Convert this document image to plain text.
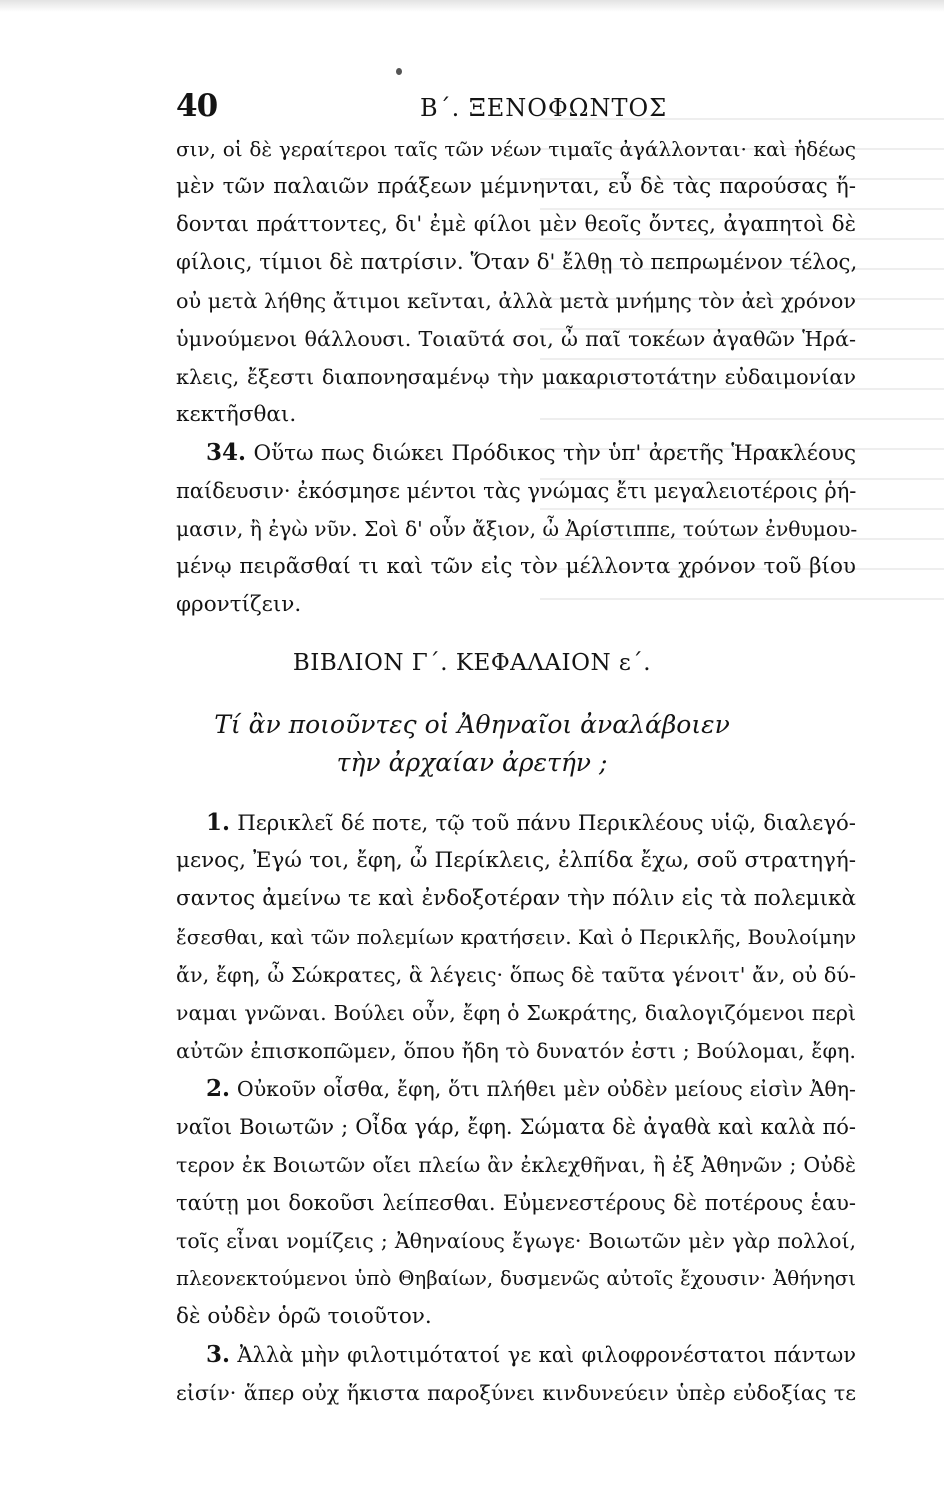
40	Β΄. ΞΕΝΟΦΩΝΤΟΣ
σιν, οἱ δὲ γεραίτεροι ταῖς τῶν νέων τιμαῖς ἀγάλλονται· καὶ ἡδέως
μὲν τῶν παλαιῶν πράξεων μέμνηνται, εὖ δὲ τὰς παρούσας ἥ-
δονται πράττοντες, δι' ἐμὲ φίλοι μὲν θεοῖς ὄντες, ἀγαπητοὶ δὲ
φίλοις, τίμιοι δὲ πατρίσιν. Ὅταν δ' ἔλθῃ τὸ πεπρωμένον τέλος,
οὐ μετὰ λήθης ἄτιμοι κεῖνται, ἀλλὰ μετὰ μνήμης τὸν ἀεὶ χρόνον
ὑμνούμενοι θάλλουσι. Τοιαῦτά σοι, ὦ παῖ τοκέων ἀγαθῶν Ἡρά-
κλεις, ἔξεστι διαπονησαμένῳ τὴν μακαριστοτάτην εὐδαιμονίαν
κεκτῆσθαι.
34. Οὕτω πως διώκει Πρόδικος τὴν ὑπ' ἀρετῆς Ἡρακλέους
παίδευσιν· ἐκόσμησε μέντοι τὰς γνώμας ἔτι μεγαλειοτέροις ῥή-
μασιν, ἢ ἐγὼ νῦν. Σοὶ δ' οὖν ἄξιον, ὦ Ἀρίστιππε, τούτων ἐνθυμου-
μένῳ πειρᾶσθαί τι καὶ τῶν εἰς τὸν μέλλοντα χρόνον τοῦ βίου
φροντίζειν.
ΒΙΒΛΙΟΝ Γ΄. ΚΕΦΑΛΑΙΟΝ ε΄.
Τί ἂν ποιοῦντες οἱ Ἀθηναῖοι ἀναλάβοιεν
τὴν ἀρχαίαν ἀρετήν ;
1. Περικλεῖ δέ ποτε, τῷ τοῦ πάνυ Περικλέους υἱῷ, διαλεγό-
μενος, Ἐγώ τοι, ἔφη, ὦ Περίκλεις, ἐλπίδα ἔχω, σοῦ στρατηγή-
σαντος ἀμείνω τε καὶ ἐνδοξοτέραν τὴν πόλιν εἰς τὰ πολεμικὰ
ἔσεσθαι, καὶ τῶν πολεμίων κρατήσειν. Καὶ ὁ Περικλῆς, Βουλοίμην
ἄν, ἔφη, ὦ Σώκρατες, ἃ λέγεις· ὅπως δὲ ταῦτα γένοιτ' ἄν, οὐ δύ-
ναμαι γνῶναι. Βούλει οὖν, ἔφη ὁ Σωκράτης, διαλογιζόμενοι περὶ
αὐτῶν ἐπισκοπῶμεν, ὅπου ἤδη τὸ δυνατόν ἐστι ; Βούλομαι, ἔφη.
2. Οὐκοῦν οἶσθα, ἔφη, ὅτι πλήθει μὲν οὐδὲν μείους εἰσὶν Ἀθη-
ναῖοι Βοιωτῶν ; Οἶδα γάρ, ἔφη. Σώματα δὲ ἀγαθὰ καὶ καλὰ πό-
τερον ἐκ Βοιωτῶν οἴει πλείω ἂν ἐκλεχθῆναι, ἢ ἐξ Ἀθηνῶν ; Οὐδὲ
ταύτῃ μοι δοκοῦσι λείπεσθαι. Εὐμενεστέρους δὲ ποτέρους ἑαυ-
τοῖς εἶναι νομίζεις ; Ἀθηναίους ἔγωγε· Βοιωτῶν μὲν γὰρ πολλοί,
πλεονεκτούμενοι ὑπὸ Θηβαίων, δυσμενῶς αὐτοῖς ἔχουσιν· Ἀθήνησι
δὲ οὐδὲν ὁρῶ τοιοῦτον.
3. Ἀλλὰ μὴν φιλοτιμότατοί γε καὶ φιλοφρονέστατοι πάντων
εἰσίν· ἅπερ οὐχ ἥκιστα παροξύνει κινδυνεύειν ὑπὲρ εὐδοξίας τε
